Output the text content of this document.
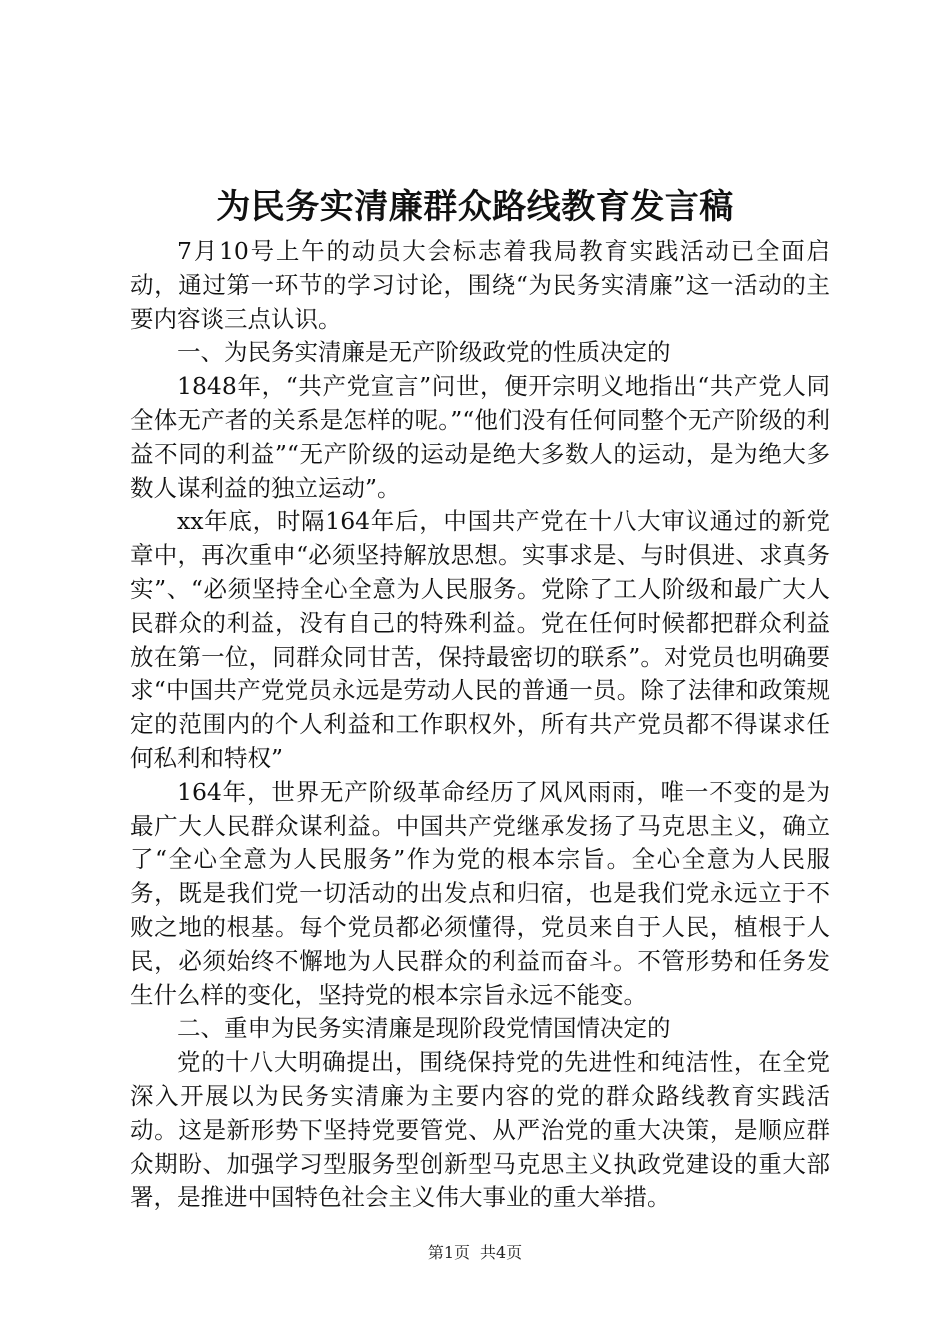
为民务实清廉群众路线教育发言稿

7月10号上午的动员大会标志着我局教育实践活动已全面启动，通过第一环节的学习讨论，围绕“为民务实清廉”这一活动的主要内容谈三点认识。

一、为民务实清廉是无产阶级政党的性质决定的

1848年，“共产党宣言”问世，便开宗明义地指出“共产党人同全体无产者的关系是怎样的呢。”“他们没有任何同整个无产阶级的利益不同的利益”“无产阶级的运动是绝大多数人的运动，是为绝大多数人谋利益的独立运动”。

xx年底，时隔164年后，中国共产党在十八大审议通过的新党章中，再次重申“必须坚持解放思想。实事求是、与时俱进、求真务实”、“必须坚持全心全意为人民服务。党除了工人阶级和最广大人民群众的利益，没有自己的特殊利益。党在任何时候都把群众利益放在第一位，同群众同甘苦，保持最密切的联系”。对党员也明确要求“中国共产党党员永远是劳动人民的普通一员。除了法律和政策规定的范围内的个人利益和工作职权外，所有共产党员都不得谋求任何私利和特权”

164年，世界无产阶级革命经历了风风雨雨，唯一不变的是为最广大人民群众谋利益。中国共产党继承发扬了马克思主义，确立了“全心全意为人民服务”作为党的根本宗旨。全心全意为人民服务，既是我们党一切活动的出发点和归宿，也是我们党永远立于不败之地的根基。每个党员都必须懂得，党员来自于人民，植根于人民，必须始终不懈地为人民群众的利益而奋斗。不管形势和任务发生什么样的变化，坚持党的根本宗旨永远不能变。

二、重申为民务实清廉是现阶段党情国情决定的

党的十八大明确提出，围绕保持党的先进性和纯洁性，在全党深入开展以为民务实清廉为主要内容的党的群众路线教育实践活动。这是新形势下坚持党要管党、从严治党的重大决策，是顺应群众期盼、加强学习型服务型创新型马克思主义执政党建设的重大部署，是推进中国特色社会主义伟大事业的重大举措。

第1页 共4页
